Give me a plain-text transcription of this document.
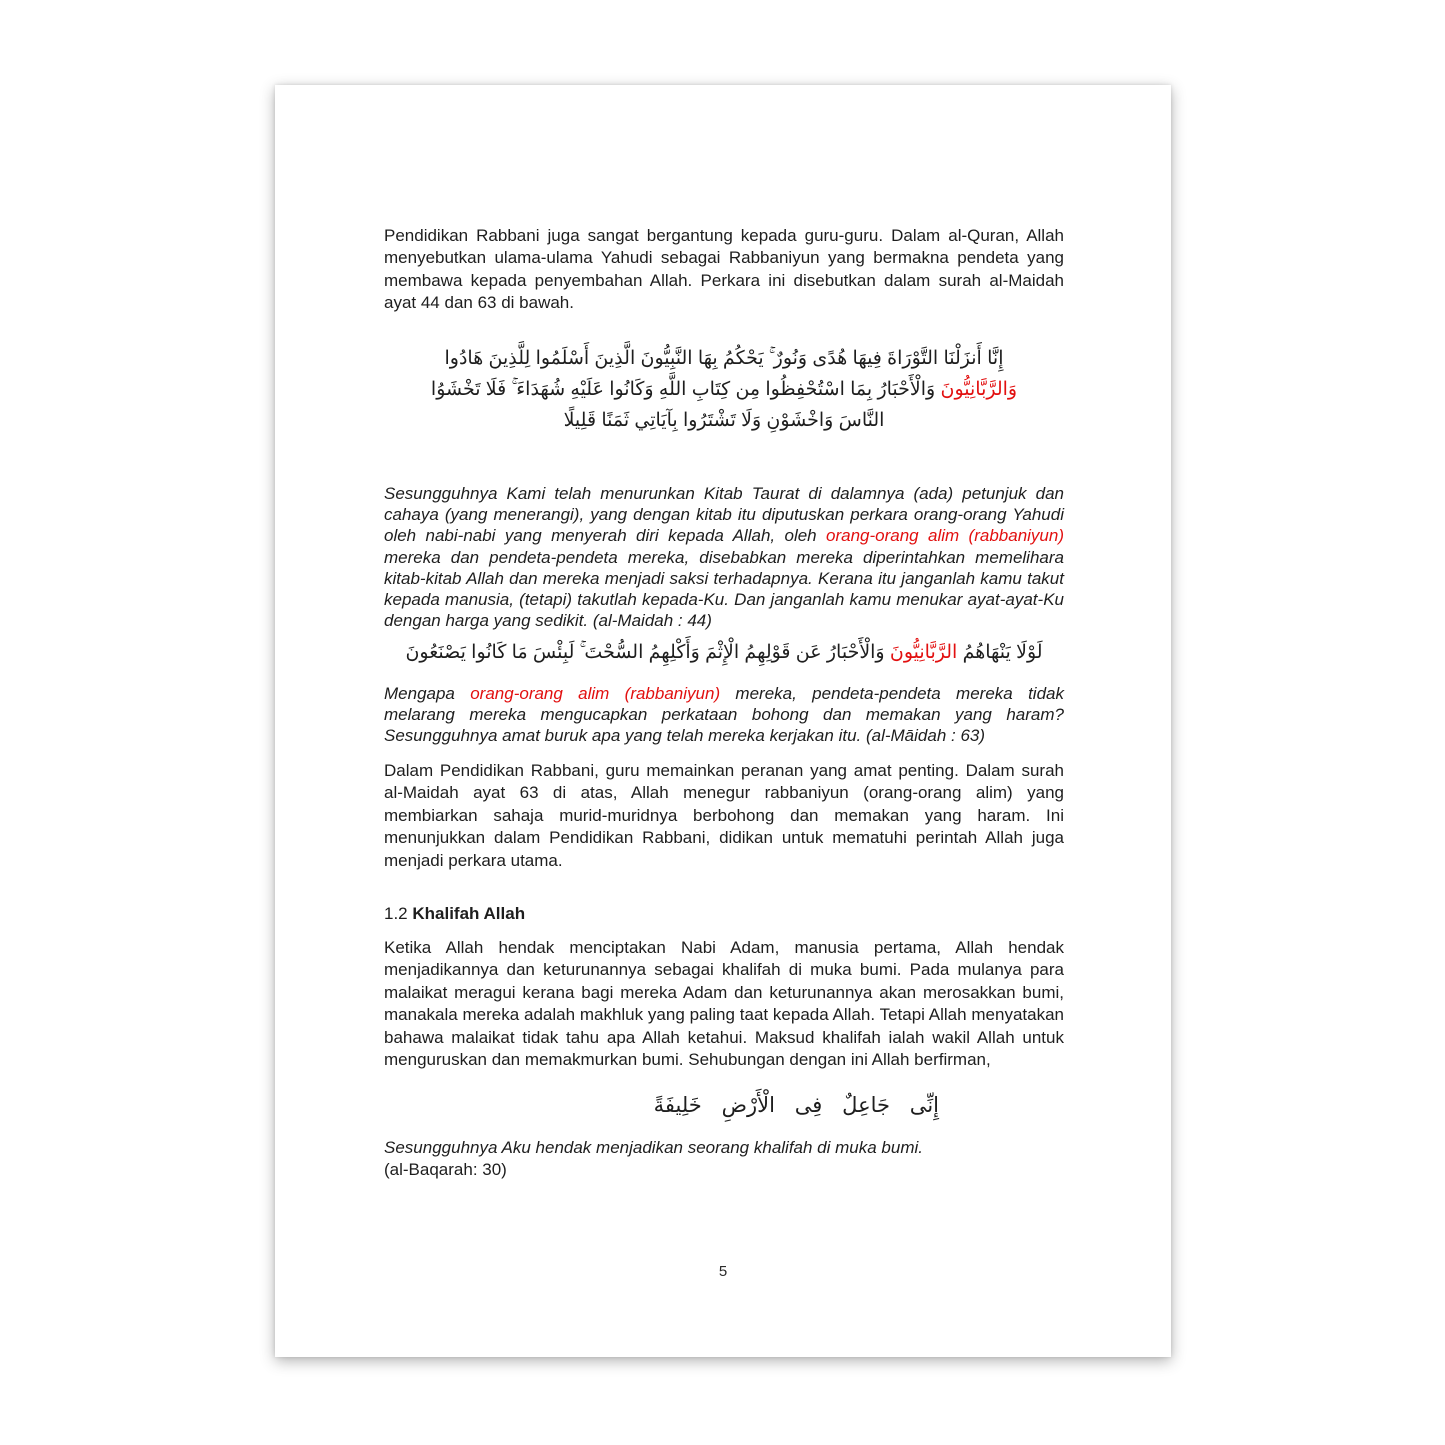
Pendidikan Rabbani juga sangat bergantung kepada guru-guru. Dalam al-Quran, Allah menyebutkan ulama-ulama Yahudi sebagai Rabbaniyun yang bermakna pendeta yang membawa kepada penyembahan Allah. Perkara ini disebutkan dalam surah al-Maidah ayat 44 dan 63 di bawah.
إِنَّا أَنزَلْنَا التَّوْرَاةَ فِيهَا هُدًى وَنُورٌ ۚ يَحْكُمُ بِهَا النَّبِيُّونَ الَّذِينَ أَسْلَمُوا لِلَّذِينَ هَادُوا
وَالرَّبَّانِيُّونَ وَالْأَحْبَارُ بِمَا اسْتُحْفِظُوا مِن كِتَابِ اللَّهِ وَكَانُوا عَلَيْهِ شُهَدَاءَ ۚ فَلَا تَخْشَوُا
النَّاسَ وَاخْشَوْنِ وَلَا تَشْتَرُوا بِآيَاتِي ثَمَنًا قَلِيلًا
Sesungguhnya Kami telah menurunkan Kitab Taurat di dalamnya (ada) petunjuk dan cahaya (yang menerangi), yang dengan kitab itu diputuskan perkara orang-orang Yahudi oleh nabi-nabi yang menyerah diri kepada Allah, oleh orang-orang alim (rabbaniyun) mereka dan pendeta-pendeta mereka, disebabkan mereka diperintahkan memelihara kitab-kitab Allah dan mereka menjadi saksi terhadapnya. Kerana itu janganlah kamu takut kepada manusia, (tetapi) takutlah kepada-Ku. Dan janganlah kamu menukar ayat-ayat-Ku dengan harga yang sedikit. (al-Maidah : 44)
لَوْلَا يَنْهَاهُمُ الرَّبَّانِيُّونَ وَالْأَحْبَارُ عَن قَوْلِهِمُ الْإِثْمَ وَأَكْلِهِمُ السُّحْتَ ۚ لَبِئْسَ مَا كَانُوا يَصْنَعُونَ
Mengapa orang-orang alim (rabbaniyun) mereka, pendeta-pendeta mereka tidak melarang mereka mengucapkan perkataan bohong dan memakan yang haram? Sesungguhnya amat buruk apa yang telah mereka kerjakan itu. (al-Māidah : 63)
Dalam Pendidikan Rabbani, guru memainkan peranan yang amat penting. Dalam surah al-Maidah ayat 63 di atas, Allah menegur rabbaniyun (orang-orang alim) yang membiarkan sahaja murid-muridnya berbohong dan memakan yang haram. Ini menunjukkan dalam Pendidikan Rabbani, didikan untuk mematuhi perintah Allah juga menjadi perkara utama.
1.2 Khalifah Allah
Ketika Allah hendak menciptakan Nabi Adam, manusia pertama, Allah hendak menjadikannya dan keturunannya sebagai khalifah di muka bumi. Pada mulanya para malaikat meragui kerana bagi mereka Adam dan keturunannya akan merosakkan bumi, manakala mereka adalah makhluk yang paling taat kepada Allah. Tetapi Allah menyatakan bahawa malaikat tidak tahu apa Allah ketahui. Maksud khalifah ialah wakil Allah untuk menguruskan dan memakmurkan bumi. Sehubungan dengan ini Allah berfirman,
إِنِّى جَاعِلٌ فِى الْأَرْضِ خَلِيفَةً
Sesungguhnya Aku hendak menjadikan seorang khalifah di muka bumi.
(al-Baqarah: 30)
5
